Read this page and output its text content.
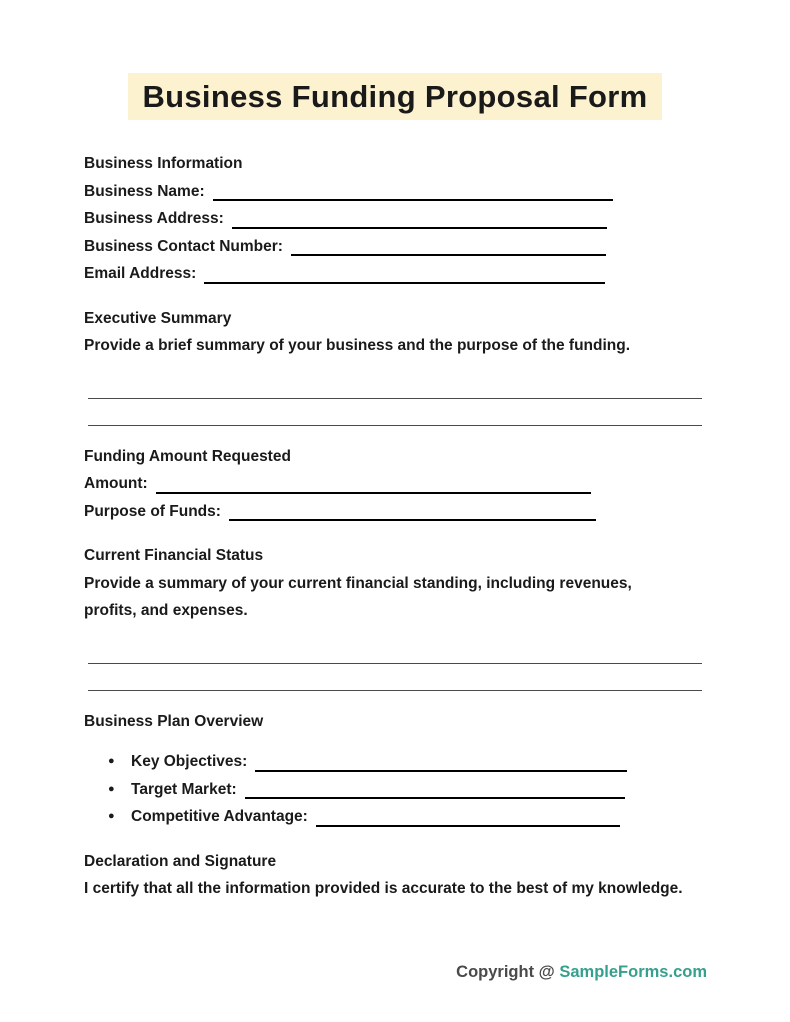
Business Funding Proposal Form

Business Information

Business Name:
Business Address:
Business Contact Number:
Email Address:

Executive Summary

Provide a brief summary of your business and the purpose of the funding.

Funding Amount Requested

Amount:
Purpose of Funds:

Current Financial Status

Provide a summary of your current financial standing, including revenues, profits, and expenses.

Business Plan Overview

●	Key Objectives:
●	Target Market:
●	Competitive Advantage:

Declaration and Signature

I certify that all the information provided is accurate to the best of my knowledge.

Copyright @ SampleForms.com
